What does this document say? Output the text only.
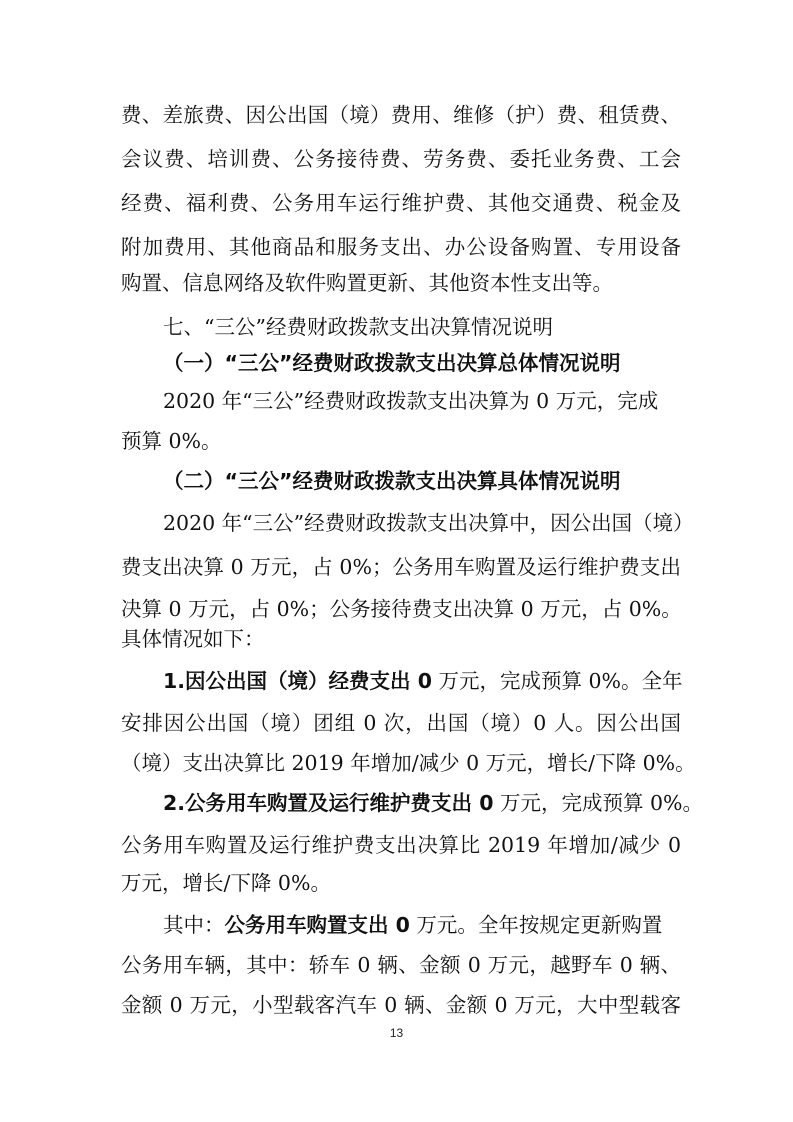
费、差旅费、因公出国（境）费用、维修（护）费、租赁费、
会议费、培训费、公务接待费、劳务费、委托业务费、工会
经费、福利费、公务用车运行维护费、其他交通费、税金及
附加费用、其他商品和服务支出、办公设备购置、专用设备
购置、信息网络及软件购置更新、其他资本性支出等。
七、“三公”经费财政拨款支出决算情况说明
（一）“三公”经费财政拨款支出决算总体情况说明
2020 年“三公”经费财政拨款支出决算为 0 万元，完成
预算 0%。
（二）“三公”经费财政拨款支出决算具体情况说明
2020 年“三公”经费财政拨款支出决算中，因公出国（境）
费支出决算 0 万元，占 0%；公务用车购置及运行维护费支出
决算 0 万元，占 0%；公务接待费支出决算 0 万元，占 0%。
具体情况如下：
1.因公出国（境）经费支出 0 万元，完成预算 0%。全年
安排因公出国（境）团组 0 次，出国（境）0 人。因公出国
（境）支出决算比 2019 年增加/减少 0 万元，增长/下降 0%。
2.公务用车购置及运行维护费支出 0 万元，完成预算 0%。
公务用车购置及运行维护费支出决算比 2019 年增加/减少 0
万元，增长/下降 0%。
其中：公务用车购置支出 0 万元。全年按规定更新购置
公务用车辆，其中：轿车 0 辆、金额 0 万元，越野车 0 辆、
金额 0 万元，小型载客汽车 0 辆、金额 0 万元，大中型载客
13
